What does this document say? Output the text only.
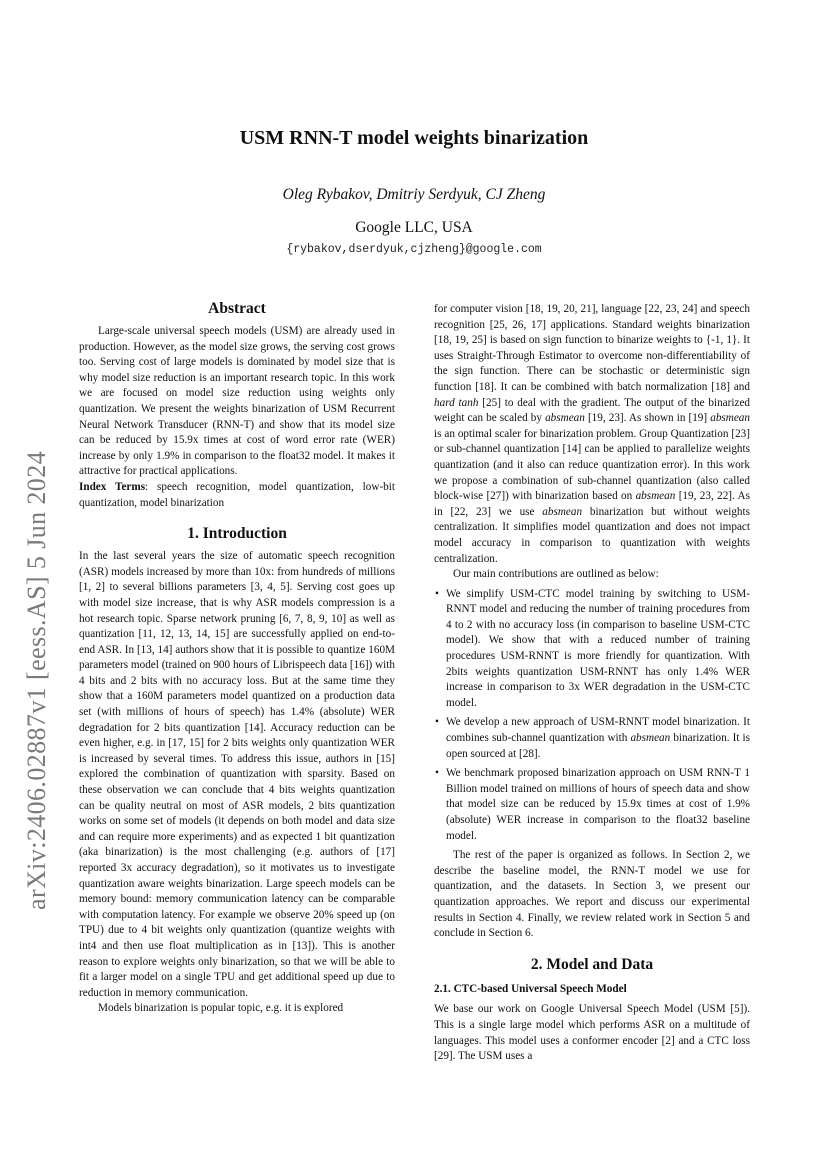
arXiv:2406.02887v1 [eess.AS] 5 Jun 2024
USM RNN-T model weights binarization
Oleg Rybakov, Dmitriy Serdyuk, CJ Zheng
Google LLC, USA
{rybakov,dserdyuk,cjzheng}@google.com
Abstract

Large-scale universal speech models (USM) are already used in production. However, as the model size grows, the serving cost grows too. Serving cost of large models is dominated by model size that is why model size reduction is an important research topic. In this work we are focused on model size reduction using weights only quantization. We present the weights binarization of USM Recurrent Neural Network Transducer (RNN-T) and show that its model size can be reduced by 15.9x times at cost of word error rate (WER) increase by only 1.9% in comparison to the float32 model. It makes it attractive for practical applications.

Index Terms: speech recognition, model quantization, low-bit quantization, model binarization

1. Introduction

In the last several years the size of automatic speech recognition (ASR) models increased by more than 10x: from hundreds of millions [1, 2] to several billions parameters [3, 4, 5]. Serving cost goes up with model size increase, that is why ASR models compression is a hot research topic. Sparse network pruning [6, 7, 8, 9, 10] as well as quantization [11, 12, 13, 14, 15] are successfully applied on end-to-end ASR. In [13, 14] authors show that it is possible to quantize 160M parameters model (trained on 900 hours of Librispeech data [16]) with 4 bits and 2 bits with no accuracy loss. But at the same time they show that a 160M parameters model quantized on a production data set (with millions of hours of speech) has 1.4% (absolute) WER degradation for 2 bits quantization [14]. Accuracy reduction can be even higher, e.g. in [17, 15] for 2 bits weights only quantization WER is increased by several times. To address this issue, authors in [15] explored the combination of quantization with sparsity. Based on these observation we can conclude that 4 bits weights quantization can be quality neutral on most of ASR models, 2 bits quantization works on some set of models (it depends on both model and data size and can require more experiments) and as expected 1 bit quantization (aka binarization) is the most challenging (e.g. authors of [17] reported 3x accuracy degradation), so it motivates us to investigate quantization aware weights binarization. Large speech models can be memory bound: memory communication latency can be comparable with computation latency. For example we observe 20% speed up (on TPU) due to 4 bit weights only quantization (quantize weights with int4 and then use float multiplication as in [13]). This is another reason to explore weights only binarization, so that we will be able to fit a larger model on a single TPU and get additional speed up due to reduction in memory communication.

Models binarization is popular topic, e.g. it is explored

for computer vision [18, 19, 20, 21], language [22, 23, 24] and speech recognition [25, 26, 17] applications. Standard weights binarization [18, 19, 25] is based on sign function to binarize weights to {-1, 1}. It uses Straight-Through Estimator to overcome non-differentiability of the sign function. There can be stochastic or deterministic sign function [18]. It can be combined with batch normalization [18] and hard tanh [25] to deal with the gradient. The output of the binarized weight can be scaled by absmean [19, 23]. As shown in [19] absmean is an optimal scaler for binarization problem. Group Quantization [23] or sub-channel quantization [14] can be applied to parallelize weights quantization (and it also can reduce quantization error). In this work we propose a combination of sub-channel quantization (also called block-wise [27]) with binarization based on absmean [19, 23, 22]. As in [22, 23] we use absmean binarization but without weights centralization. It simplifies model quantization and does not impact model accuracy in comparison to quantization with weights centralization.

Our main contributions are outlined as below:

• We simplify USM-CTC model training by switching to USM-RNNT model and reducing the number of training procedures from 4 to 2 with no accuracy loss (in comparison to baseline USM-CTC model). We show that with a reduced number of training procedures USM-RNNT is more friendly for quantization. With 2bits weights quantization USM-RNNT has only 1.4% WER increase in comparison to 3x WER degradation in the USM-CTC model.
• We develop a new approach of USM-RNNT model binarization. It combines sub-channel quantization with absmean binarization. It is open sourced at [28].
• We benchmark proposed binarization approach on USM RNN-T 1 Billion model trained on millions of hours of speech data and show that model size can be reduced by 15.9x times at cost of 1.9% (absolute) WER increase in comparison to the float32 baseline model.

The rest of the paper is organized as follows. In Section 2, we describe the baseline model, the RNN-T model we use for quantization, and the datasets. In Section 3, we present our quantization approaches. We report and discuss our experimental results in Section 4. Finally, we review related work in Section 5 and conclude in Section 6.

2. Model and Data
2.1. CTC-based Universal Speech Model

We base our work on Google Universal Speech Model (USM [5]). This is a single large model which performs ASR on a multitude of languages. This model uses a conformer encoder [2] and a CTC loss [29]. The USM uses a
